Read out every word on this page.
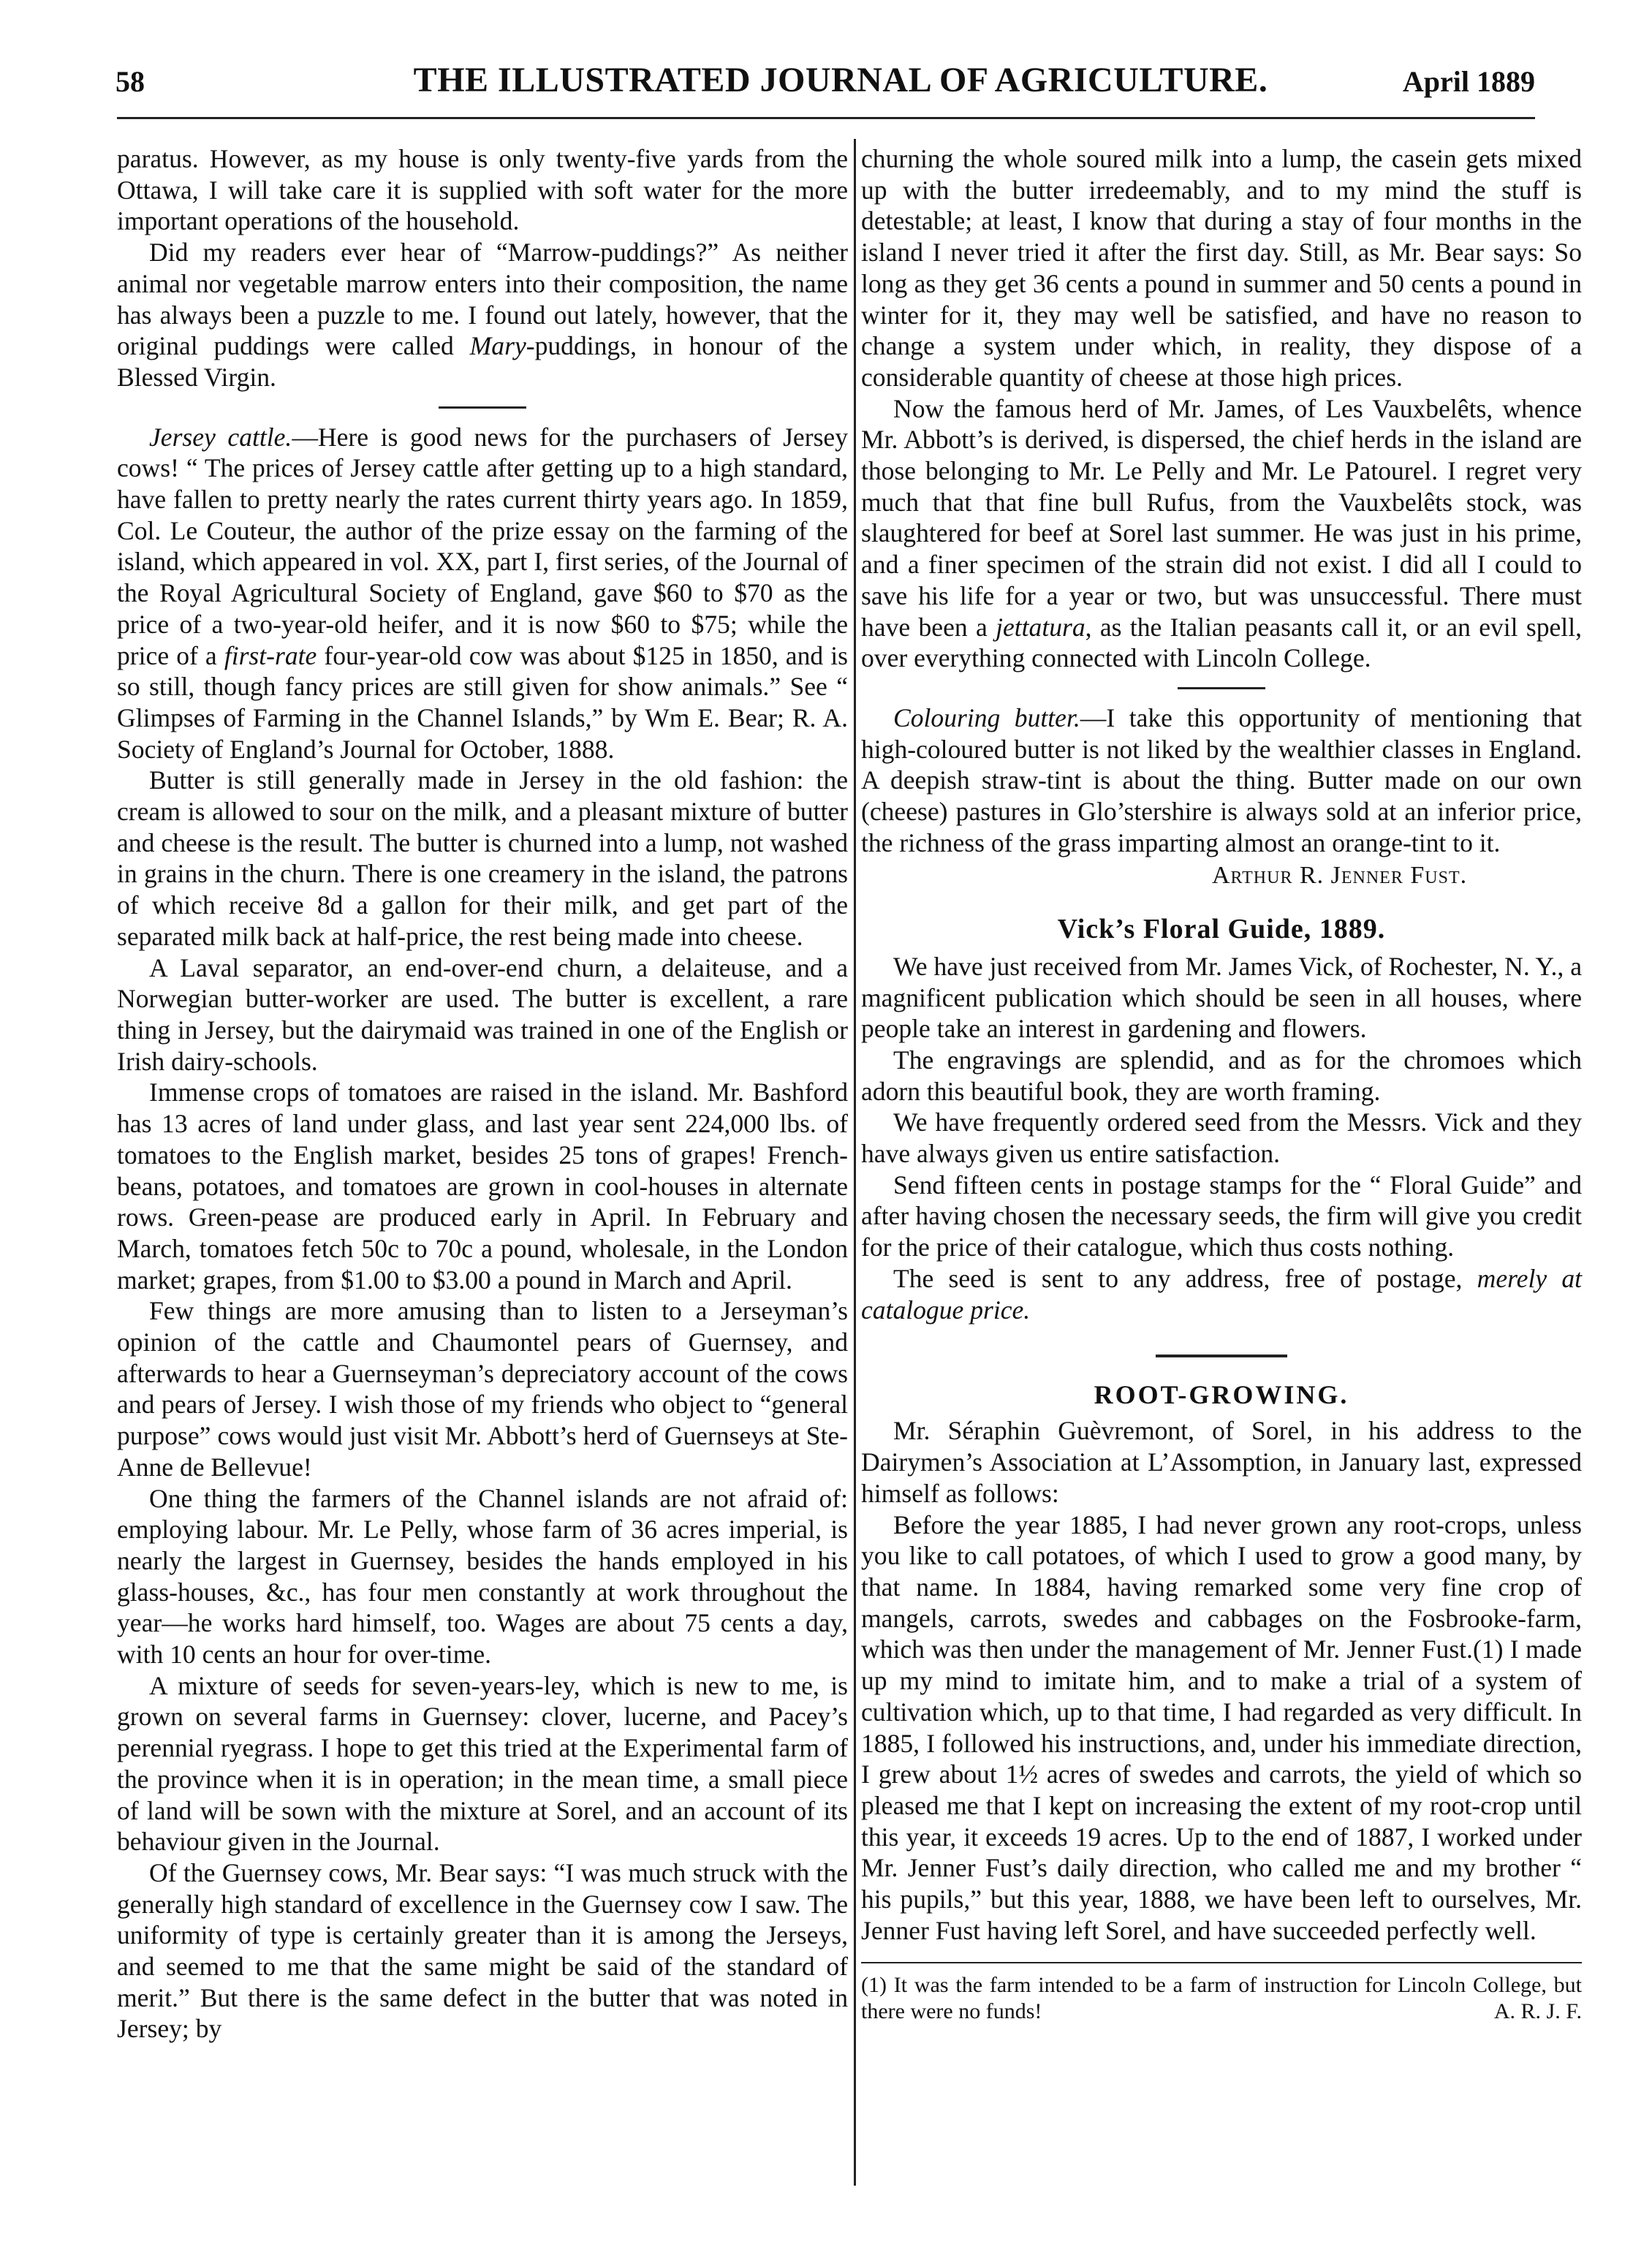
58	THE ILLUSTRATED JOURNAL OF AGRICULTURE.	April 1889

paratus. However, as my house is only twenty-five yards from the Ottawa, I will take care it is supplied with soft water for the more important operations of the household.

Did my readers ever hear of “Marrow-puddings?” As neither animal nor vegetable marrow enters into their composition, the name has always been a puzzle to me. I found out lately, however, that the original puddings were called Mary-puddings, in honour of the Blessed Virgin.

Jersey cattle.—Here is good news for the purchasers of Jersey cows! “ The prices of Jersey cattle after getting up to a high standard, have fallen to pretty nearly the rates current thirty years ago. In 1859, Col. Le Couteur, the author of the prize essay on the farming of the island, which appeared in vol. XX, part I, first series, of the Journal of the Royal Agricultural Society of England, gave $60 to $70 as the price of a two-year-old heifer, and it is now $60 to $75; while the price of a first-rate four-year-old cow was about $125 in 1850, and is so still, though fancy prices are still given for show animals.” See “ Glimpses of Farming in the Channel Islands,” by Wm E. Bear; R. A. Society of England’s Journal for October, 1888.

Butter is still generally made in Jersey in the old fashion: the cream is allowed to sour on the milk, and a pleasant mixture of butter and cheese is the result. The butter is churned into a lump, not washed in grains in the churn. There is one creamery in the island, the patrons of which receive 8d a gallon for their milk, and get part of the separated milk back at half-price, the rest being made into cheese.

A Laval separator, an end-over-end churn, a delaiteuse, and a Norwegian butter-worker are used. The butter is excellent, a rare thing in Jersey, but the dairymaid was trained in one of the English or Irish dairy-schools.

Immense crops of tomatoes are raised in the island. Mr. Bashford has 13 acres of land under glass, and last year sent 224,000 lbs. of tomatoes to the English market, besides 25 tons of grapes! French-beans, potatoes, and tomatoes are grown in cool-houses in alternate rows. Green-pease are produced early in April. In February and March, tomatoes fetch 50c to 70c a pound, wholesale, in the London market; grapes, from $1.00 to $3.00 a pound in March and April.

Few things are more amusing than to listen to a Jerseyman’s opinion of the cattle and Chaumontel pears of Guernsey, and afterwards to hear a Guernseyman’s depreciatory account of the cows and pears of Jersey. I wish those of my friends who object to “general purpose” cows would just visit Mr. Abbott’s herd of Guernseys at Ste-Anne de Bellevue!

One thing the farmers of the Channel islands are not afraid of: employing labour. Mr. Le Pelly, whose farm of 36 acres imperial, is nearly the largest in Guernsey, besides the hands employed in his glass-houses, &c., has four men constantly at work throughout the year—he works hard himself, too. Wages are about 75 cents a day, with 10 cents an hour for over-time.

A mixture of seeds for seven-years-ley, which is new to me, is grown on several farms in Guernsey: clover, lucerne, and Pacey’s perennial ryegrass. I hope to get this tried at the Experimental farm of the province when it is in operation; in the mean time, a small piece of land will be sown with the mixture at Sorel, and an account of its behaviour given in the Journal.

Of the Guernsey cows, Mr. Bear says: “I was much struck with the generally high standard of excellence in the Guernsey cow I saw. The uniformity of type is certainly greater than it is among the Jerseys, and seemed to me that the same might be said of the standard of merit.” But there is the same defect in the butter that was noted in Jersey; by

churning the whole soured milk into a lump, the casein gets mixed up with the butter irredeemably, and to my mind the stuff is detestable; at least, I know that during a stay of four months in the island I never tried it after the first day. Still, as Mr. Bear says: So long as they get 36 cents a pound in summer and 50 cents a pound in winter for it, they may well be satisfied, and have no reason to change a system under which, in reality, they dispose of a considerable quantity of cheese at those high prices.

Now the famous herd of Mr. James, of Les Vauxbelêts, whence Mr. Abbott’s is derived, is dispersed, the chief herds in the island are those belonging to Mr. Le Pelly and Mr. Le Patourel. I regret very much that that fine bull Rufus, from the Vauxbelêts stock, was slaughtered for beef at Sorel last summer. He was just in his prime, and a finer specimen of the strain did not exist. I did all I could to save his life for a year or two, but was unsuccessful. There must have been a jettatura, as the Italian peasants call it, or an evil spell, over everything connected with Lincoln College.

Colouring butter.—I take this opportunity of mentioning that high-coloured butter is not liked by the wealthier classes in England. A deepish straw-tint is about the thing. Butter made on our own (cheese) pastures in Glo’stershire is always sold at an inferior price, the richness of the grass imparting almost an orange-tint to it.

Arthur R. Jenner Fust.
Vick’s Floral Guide, 1889.

We have just received from Mr. James Vick, of Rochester, N. Y., a magnificent publication which should be seen in all houses, where people take an interest in gardening and flowers.

The engravings are splendid, and as for the chromoes which adorn this beautiful book, they are worth framing.

We have frequently ordered seed from the Messrs. Vick and they have always given us entire satisfaction.

Send fifteen cents in postage stamps for the “ Floral Guide” and after having chosen the necessary seeds, the firm will give you credit for the price of their catalogue, which thus costs nothing.

The seed is sent to any address, free of postage, merely at catalogue price.

ROOT-GROWING.

Mr. Séraphin Guèvremont, of Sorel, in his address to the Dairymen’s Association at L’Assomption, in January last, expressed himself as follows:

Before the year 1885, I had never grown any root-crops, unless you like to call potatoes, of which I used to grow a good many, by that name. In 1884, having remarked some very fine crop of mangels, carrots, swedes and cabbages on the Fosbrooke-farm, which was then under the management of Mr. Jenner Fust.(1) I made up my mind to imitate him, and to make a trial of a system of cultivation which, up to that time, I had regarded as very difficult. In 1885, I followed his instructions, and, under his immediate direction, I grew about 1½ acres of swedes and carrots, the yield of which so pleased me that I kept on increasing the extent of my root-crop until this year, it exceeds 19 acres. Up to the end of 1887, I worked under Mr. Jenner Fust’s daily direction, who called me and my brother “ his pupils,” but this year, 1888, we have been left to ourselves, Mr. Jenner Fust having left Sorel, and have succeeded perfectly well.

(1) It was the farm intended to be a farm of instruction for Lincoln College, but there were no funds!	A. R. J. F.
